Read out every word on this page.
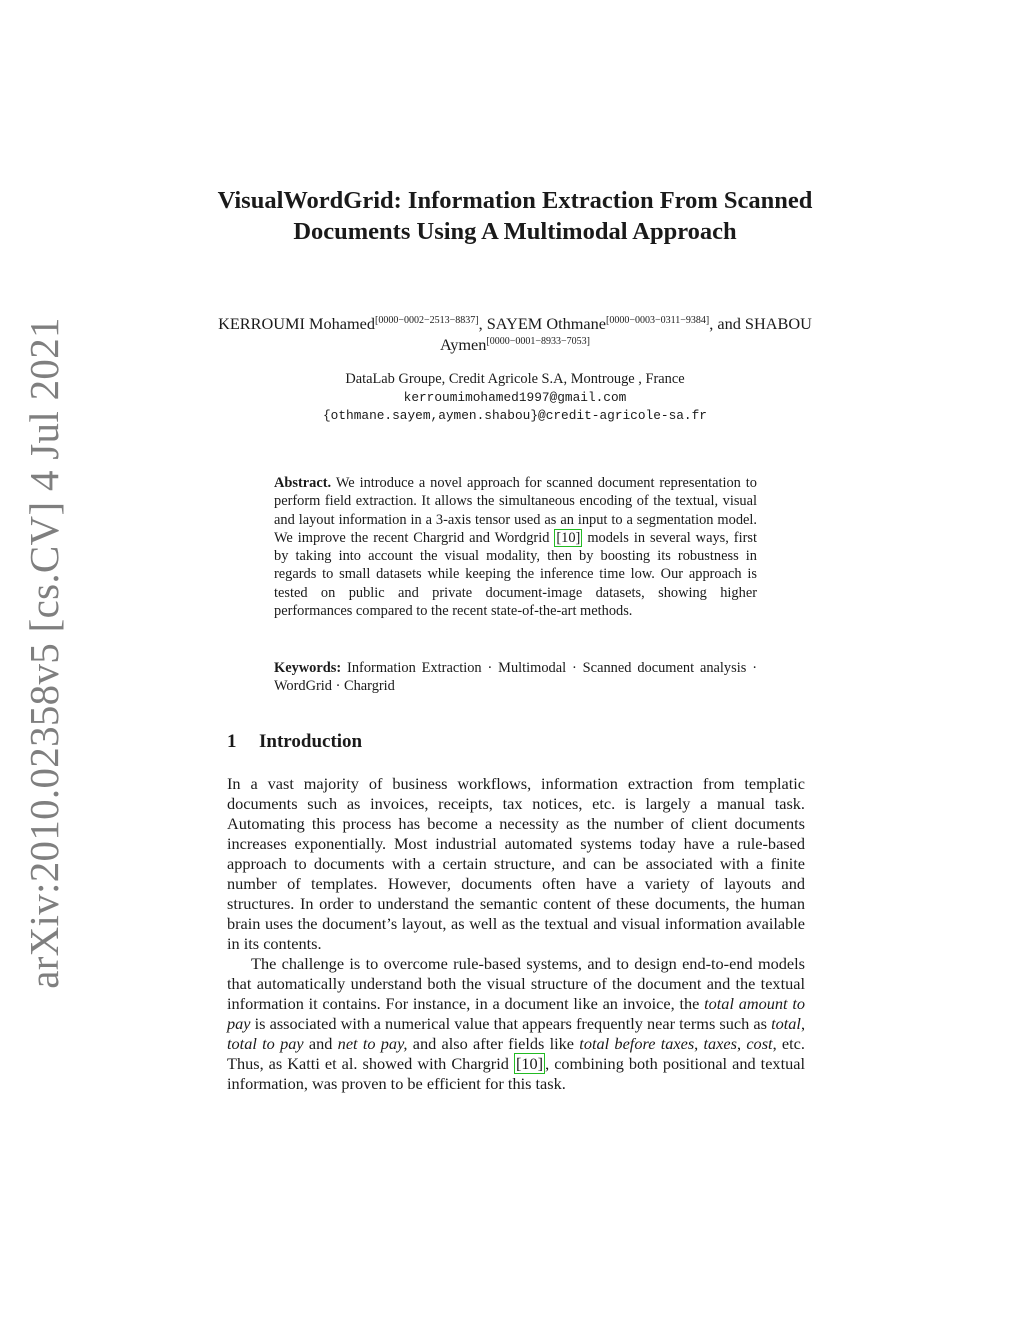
arXiv:2010.02358v5 [cs.CV] 4 Jul 2021
VisualWordGrid: Information Extraction From Scanned Documents Using A Multimodal Approach
KERROUMI Mohamed[0000−0002−2513−8837], SAYEM Othmane[0000−0003−0311−9384], and SHABOU Aymen[0000−0001−8933−7053]
DataLab Groupe, Credit Agricole S.A, Montrouge , France
kerroumimohamed1997@gmail.com
{othmane.sayem,aymen.shabou}@credit-agricole-sa.fr
Abstract. We introduce a novel approach for scanned document representation to perform field extraction. It allows the simultaneous encoding of the textual, visual and layout information in a 3-axis tensor used as an input to a segmentation model. We improve the recent Chargrid and Wordgrid [10] models in several ways, first by taking into account the visual modality, then by boosting its robustness in regards to small datasets while keeping the inference time low. Our approach is tested on public and private document-image datasets, showing higher performances compared to the recent state-of-the-art methods.
Keywords: Information Extraction · Multimodal · Scanned document analysis · WordGrid · Chargrid
1 Introduction

In a vast majority of business workflows, information extraction from templatic documents such as invoices, receipts, tax notices, etc. is largely a manual task. Automating this process has become a necessity as the number of client documents increases exponentially. Most industrial automated systems today have a rule-based approach to documents with a certain structure, and can be associated with a finite number of templates. However, documents often have a variety of layouts and structures. In order to understand the semantic content of these documents, the human brain uses the document’s layout, as well as the textual and visual information available in its contents.

The challenge is to overcome rule-based systems, and to design end-to-end models that automatically understand both the visual structure of the document and the textual information it contains. For instance, in a document like an invoice, the total amount to pay is associated with a numerical value that appears frequently near terms such as total, total to pay and net to pay, and also after fields like total before taxes, taxes, cost, etc. Thus, as Katti et al. showed with Chargrid [10] , combining both positional and textual information, was proven to be efficient for this task.
